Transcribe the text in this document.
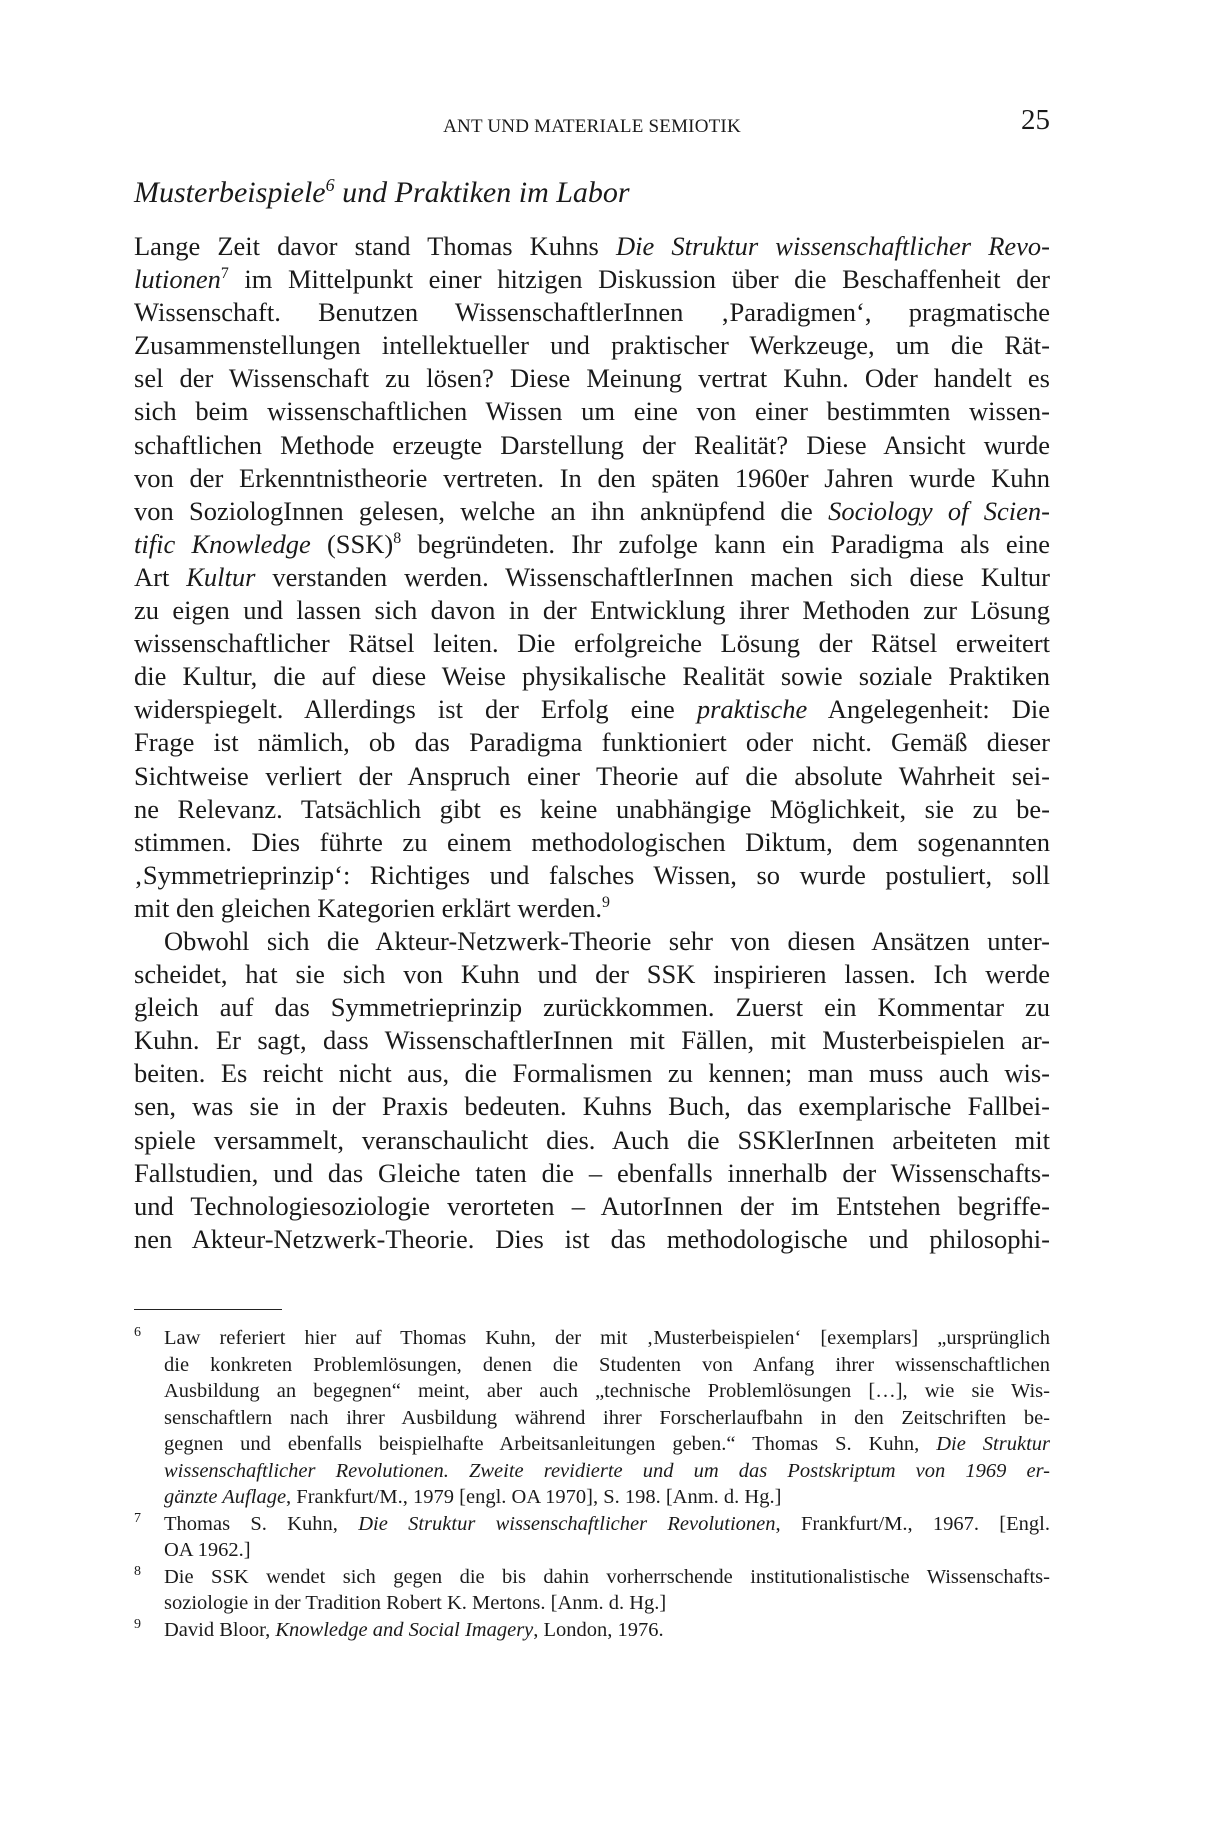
ANT UND MATERIALE SEMIOTIK	25
Musterbeispiele$^6$ und Praktiken im Labor
Lange Zeit davor stand Thomas Kuhns Die Struktur wissenschaftlicher Revo-
lutionen$^7$ im Mittelpunkt einer hitzigen Diskussion über die Beschaffenheit der
Wissenschaft. Benutzen WissenschaftlerInnen ‚Paradigmen‘, pragmatische
Zusammenstellungen intellektueller und praktischer Werkzeuge, um die Rät-
sel der Wissenschaft zu lösen? Diese Meinung vertrat Kuhn. Oder handelt es
sich beim wissenschaftlichen Wissen um eine von einer bestimmten wissen-
schaftlichen Methode erzeugte Darstellung der Realität? Diese Ansicht wurde
von der Erkenntnistheorie vertreten. In den späten 1960er Jahren wurde Kuhn
von SoziologInnen gelesen, welche an ihn anknüpfend die Sociology of Scien-
tific Knowledge (SSK)$^8$ begründeten. Ihr zufolge kann ein Paradigma als eine
Art Kultur verstanden werden. WissenschaftlerInnen machen sich diese Kultur
zu eigen und lassen sich davon in der Entwicklung ihrer Methoden zur Lösung
wissenschaftlicher Rätsel leiten. Die erfolgreiche Lösung der Rätsel erweitert
die Kultur, die auf diese Weise physikalische Realität sowie soziale Praktiken
widerspiegelt. Allerdings ist der Erfolg eine praktische Angelegenheit: Die
Frage ist nämlich, ob das Paradigma funktioniert oder nicht. Gemäß dieser
Sichtweise verliert der Anspruch einer Theorie auf die absolute Wahrheit sei-
ne Relevanz. Tatsächlich gibt es keine unabhängige Möglichkeit, sie zu be-
stimmen. Dies führte zu einem methodologischen Diktum, dem sogenannten
‚Symmetrieprinzip‘: Richtiges und falsches Wissen, so wurde postuliert, soll
mit den gleichen Kategorien erklärt werden.$^9$
Obwohl sich die Akteur-Netzwerk-Theorie sehr von diesen Ansätzen unter-
scheidet, hat sie sich von Kuhn und der SSK inspirieren lassen. Ich werde
gleich auf das Symmetrieprinzip zurückkommen. Zuerst ein Kommentar zu
Kuhn. Er sagt, dass WissenschaftlerInnen mit Fällen, mit Musterbeispielen ar-
beiten. Es reicht nicht aus, die Formalismen zu kennen; man muss auch wis-
sen, was sie in der Praxis bedeuten. Kuhns Buch, das exemplarische Fallbei-
spiele versammelt, veranschaulicht dies. Auch die SSKlerInnen arbeiteten mit
Fallstudien, und das Gleiche taten die – ebenfalls innerhalb der Wissenschafts-
und Technologiesoziologie verorteten – AutorInnen der im Entstehen begriffe-
nen Akteur-Netzwerk-Theorie. Dies ist das methodologische und philosophi-
6 Law referiert hier auf Thomas Kuhn, der mit ‚Musterbeispielen‘ [exemplars] „ursprünglich
die konkreten Problemlösungen, denen die Studenten von Anfang ihrer wissenschaftlichen
Ausbildung an begegnen“ meint, aber auch „technische Problemlösungen […], wie sie Wis-
senschaftlern nach ihrer Ausbildung während ihrer Forscherlaufbahn in den Zeitschriften be-
gegnen und ebenfalls beispielhafte Arbeitsanleitungen geben.“ Thomas S. Kuhn, Die Struktur
wissenschaftlicher Revolutionen. Zweite revidierte und um das Postskriptum von 1969 er-
gänzte Auflage, Frankfurt/M., 1979 [engl. OA 1970], S. 198. [Anm. d. Hg.]
7 Thomas S. Kuhn, Die Struktur wissenschaftlicher Revolutionen, Frankfurt/M., 1967. [Engl.
OA 1962.]
8 Die SSK wendet sich gegen die bis dahin vorherrschende institutionalistische Wissenschafts-
soziologie in der Tradition Robert K. Mertons. [Anm. d. Hg.]
9 David Bloor, Knowledge and Social Imagery, London, 1976.
